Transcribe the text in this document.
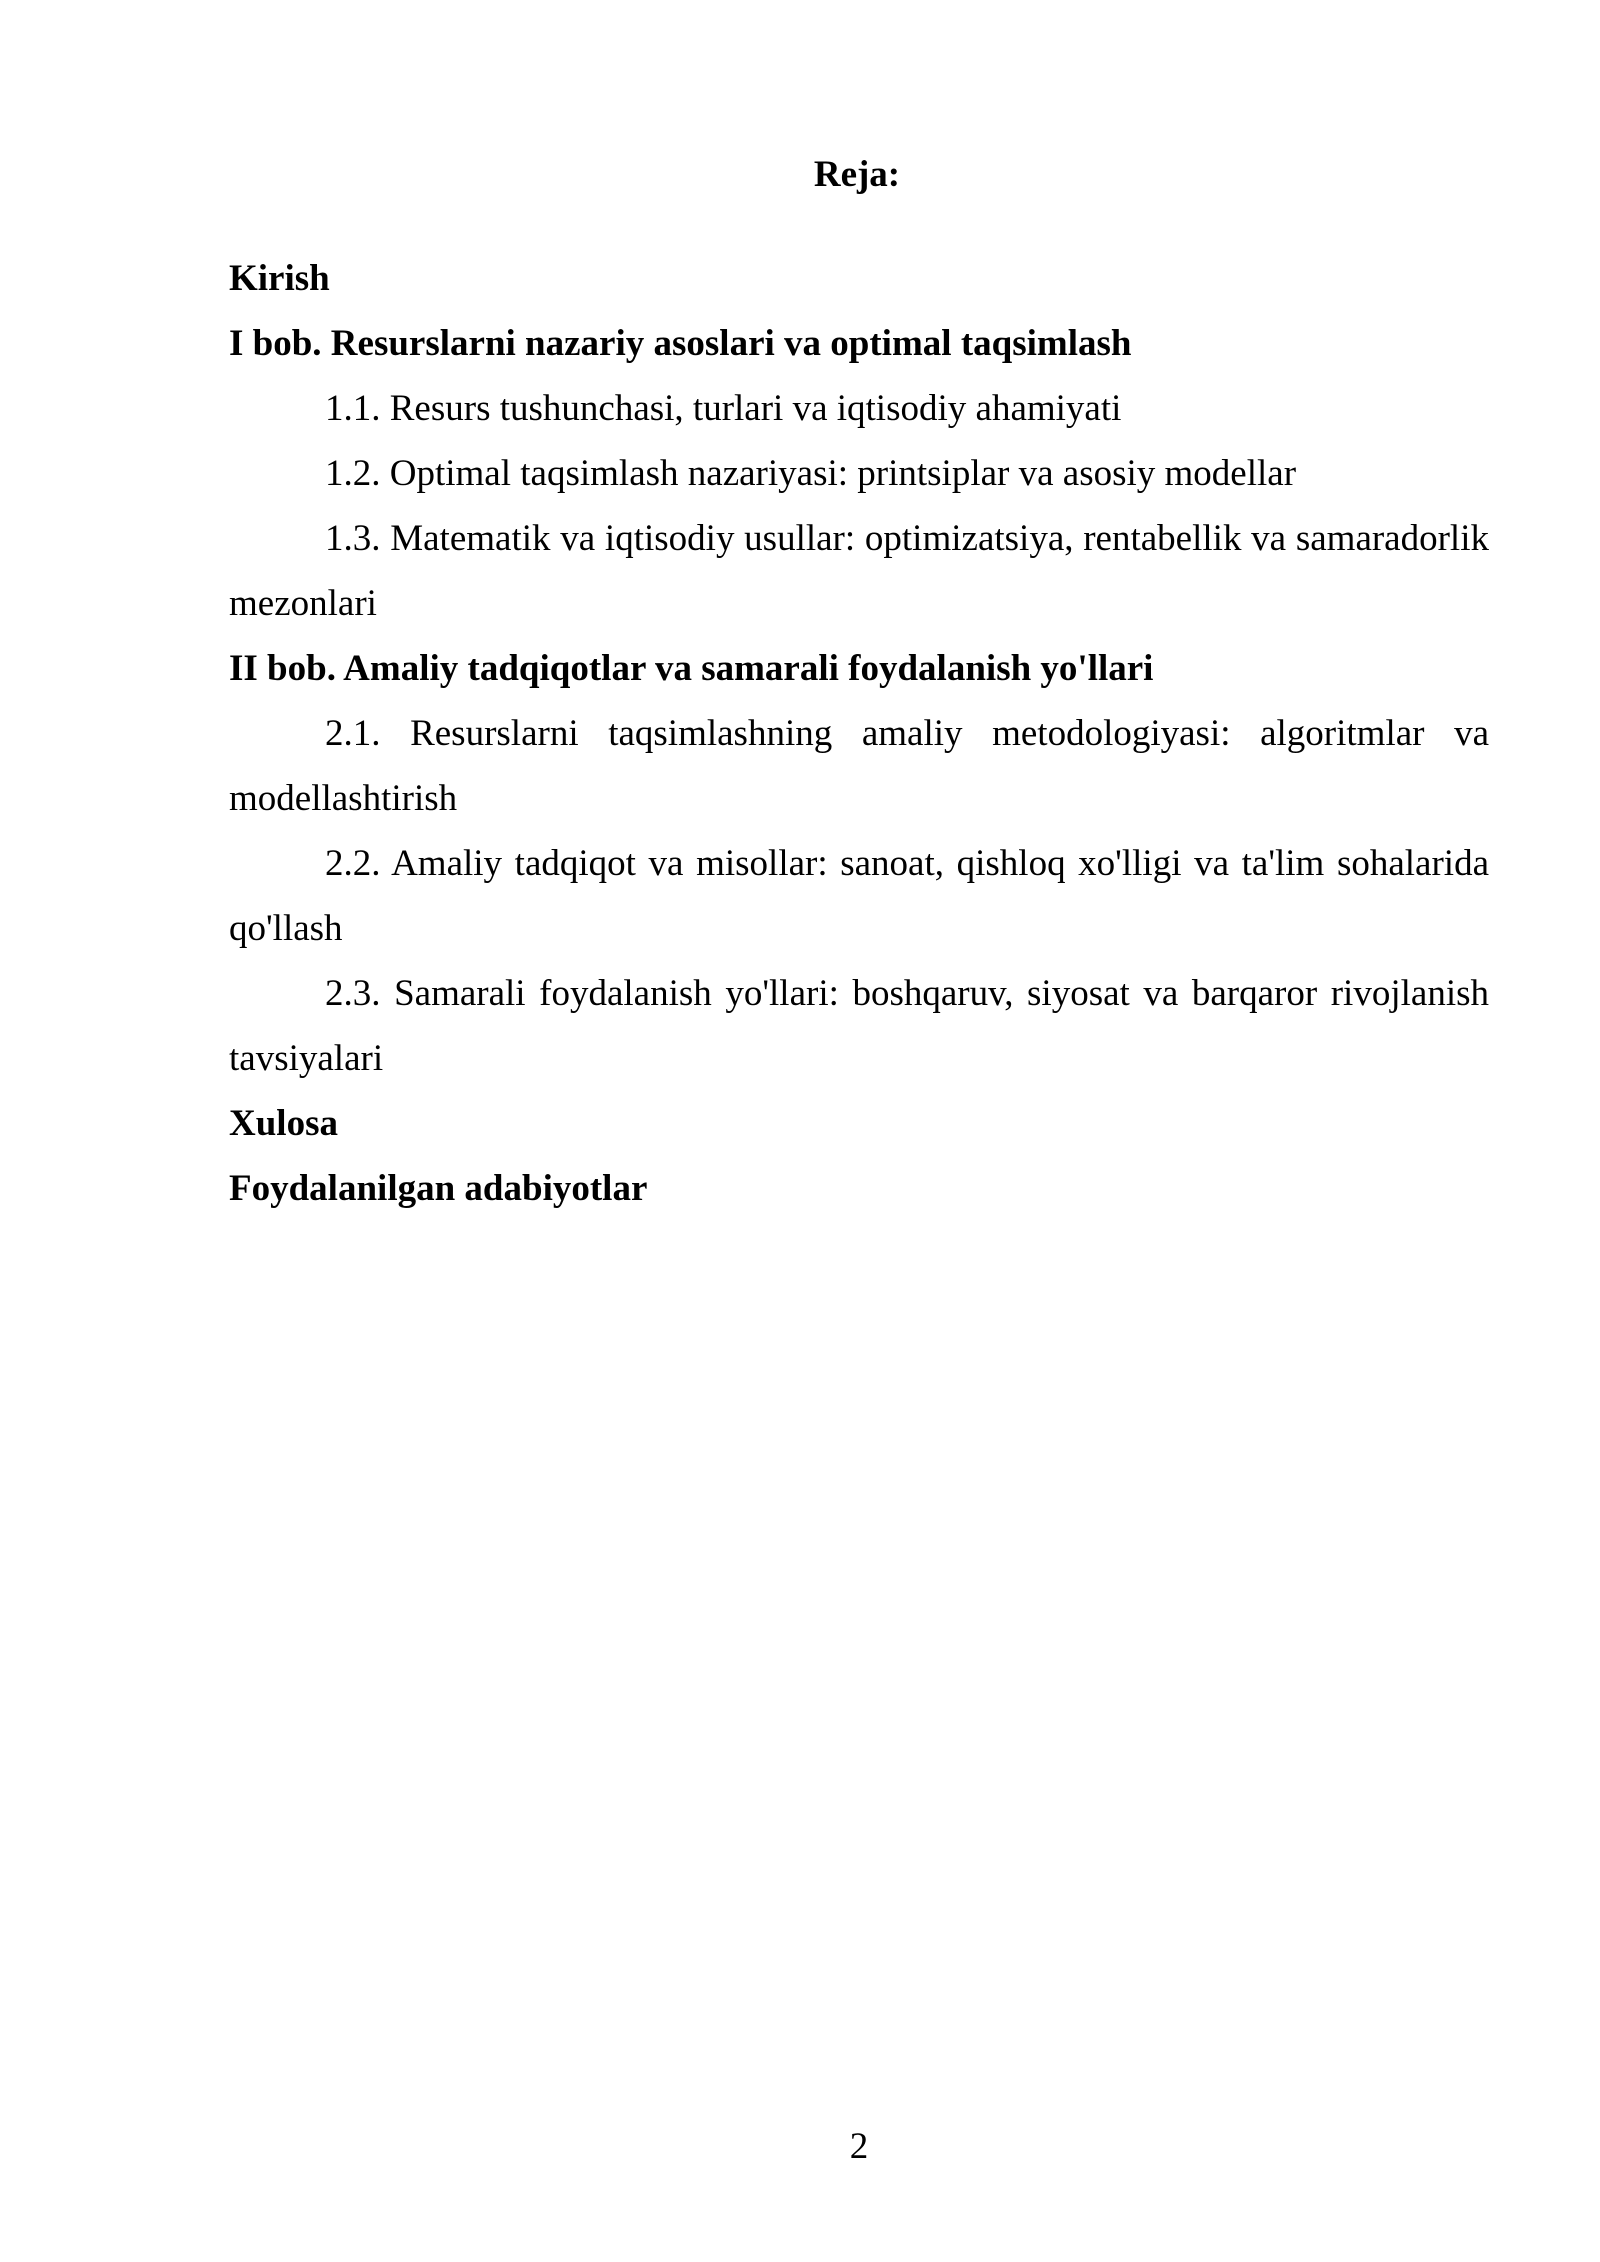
Reja:

Kirish

I bob. Resurslarni nazariy asoslari va optimal taqsimlash

1.1. Resurs tushunchasi, turlari va iqtisodiy ahamiyati

1.2. Optimal taqsimlash nazariyasi: printsiplar va asosiy modellar

1.3. Matematik va iqtisodiy usullar: optimizatsiya, rentabellik va samaradorlik mezonlari

II bob. Amaliy tadqiqotlar va samarali foydalanish yo'llari

2.1. Resurslarni taqsimlashning amaliy metodologiyasi: algoritmlar va modellashtirish

2.2. Amaliy tadqiqot va misollar: sanoat, qishloq xo'lligi va ta'lim sohalarida qo'llash

2.3. Samarali foydalanish yo'llari: boshqaruv, siyosat va barqaror rivojlanish tavsiyalari

Xulosa

Foydalanilgan adabiyotlar

2
